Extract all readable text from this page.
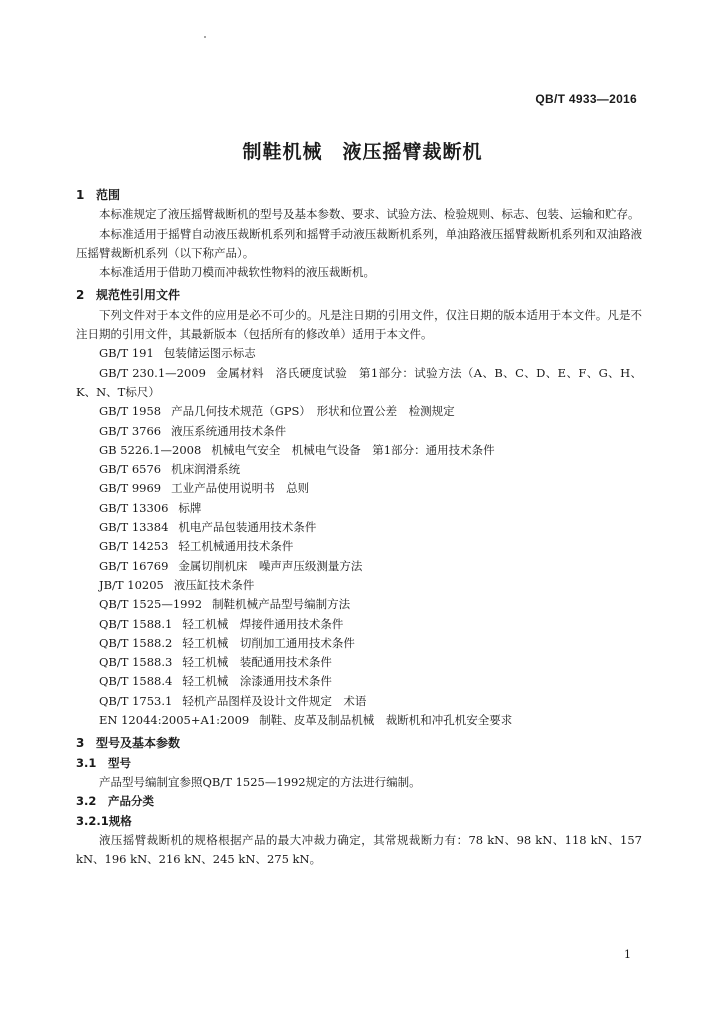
QB/T 4933—2016
制鞋机械　液压摇臂裁断机

1 范围

本标准规定了液压摇臂裁断机的型号及基本参数、要求、试验方法、检验规则、标志、包装、运输和贮存。

本标准适用于摇臂自动液压裁断机系列和摇臂手动液压裁断机系列，单油路液压摇臂裁断机系列和双油路液压摇臂裁断机系列（以下称产品）。

本标准适用于借助刀模而冲裁软性物料的液压裁断机。

2 规范性引用文件

下列文件对于本文件的应用是必不可少的。凡是注日期的引用文件，仅注日期的版本适用于本文件。凡是不注日期的引用文件，其最新版本（包括所有的修改单）适用于本文件。

GB/T 191 包装储运图示标志

GB/T 230.1—2009 金属材料　洛氏硬度试验　第1部分：试验方法（A、B、C、D、E、F、G、H、K、N、T标尺）

GB/T 1958 产品几何技术规范（GPS）　形状和位置公差　检测规定

GB/T 3766 液压系统通用技术条件

GB 5226.1—2008 机械电气安全　机械电气设备　第1部分：通用技术条件

GB/T 6576 机床润滑系统

GB/T 9969 工业产品使用说明书　总则

GB/T 13306 标牌

GB/T 13384 机电产品包装通用技术条件

GB/T 14253 轻工机械通用技术条件

GB/T 16769 金属切削机床　噪声声压级测量方法

JB/T 10205 液压缸技术条件

QB/T 1525—1992 制鞋机械产品型号编制方法

QB/T 1588.1 轻工机械　焊接件通用技术条件

QB/T 1588.2 轻工机械　切削加工通用技术条件

QB/T 1588.3 轻工机械　装配通用技术条件

QB/T 1588.4 轻工机械　涂漆通用技术条件

QB/T 1753.1 轻机产品图样及设计文件规定　术语

EN 12044:2005+A1:2009 制鞋、皮革及制品机械　裁断机和冲孔机安全要求

3 型号及基本参数

3.1 型号

产品型号编制宜参照QB/T 1525—1992规定的方法进行编制。

3.2 产品分类

3.2.1规格

液压摇臂裁断机的规格根据产品的最大冲裁力确定，其常规裁断力有：78 kN、98 kN、118 kN、157 kN、196 kN、216 kN、245 kN、275 kN。

1
